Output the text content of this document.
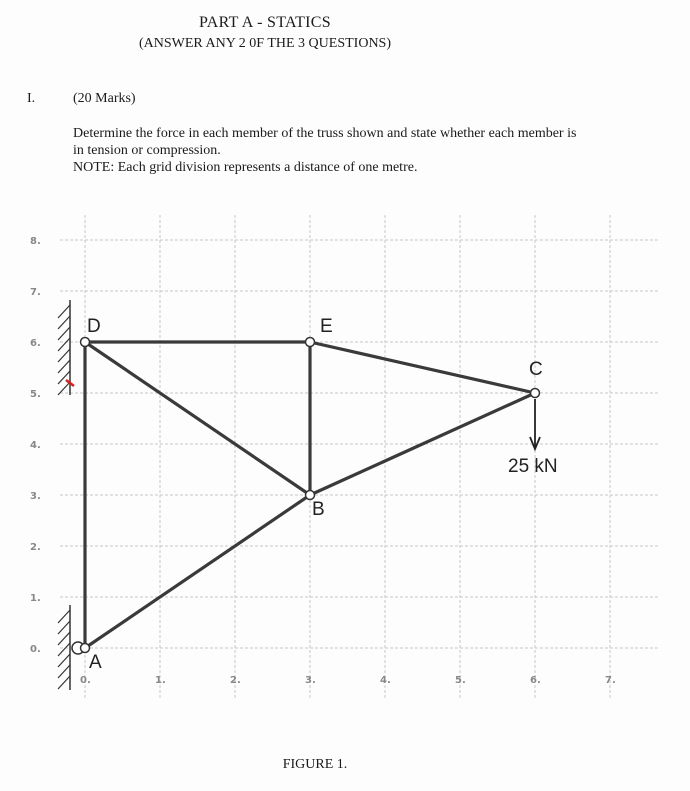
PART A - STATICS
(ANSWER ANY 2 0F THE 3 QUESTIONS)
I.	(20 Marks)
Determine the force in each member of the truss shown and state whether each member is
in tension or compression.
NOTE: Each grid division represents a distance of one metre.
0.
1.
2.
3.
4.
5.
6.
7.
8.
0.	1.	2.	3.	4.	5.	6.	7.
A
B
C
D	E
25 kN
FIGURE 1.
